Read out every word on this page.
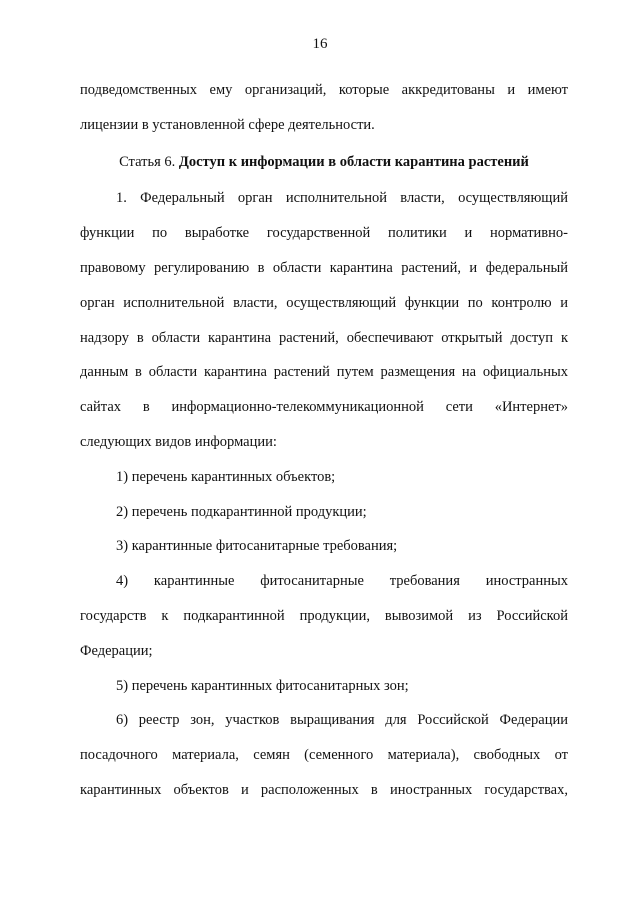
16
подведомственных ему организаций, которые аккредитованы и имеют
лицензии в установленной сфере деятельности.
Статья 6. Доступ к информации в области карантина растений
1. Федеральный орган исполнительной власти, осуществляющий
функции по выработке государственной политики и нормативно-
правовому регулированию в области карантина растений, и федеральный
орган исполнительной власти, осуществляющий функции по контролю и
надзору в области карантина растений, обеспечивают открытый доступ к
данным в области карантина растений путем размещения на официальных
сайтах в информационно-телекоммуникационной сети «Интернет»
следующих видов информации:
1) перечень карантинных объектов;
2) перечень подкарантинной продукции;
3) карантинные фитосанитарные требования;
4) карантинные фитосанитарные требования иностранных
государств к подкарантинной продукции, вывозимой из Российской
Федерации;
5) перечень карантинных фитосанитарных зон;
6) реестр зон, участков выращивания для Российской Федерации
посадочного материала, семян (семенного материала), свободных от
карантинных объектов и расположенных в иностранных государствах,
